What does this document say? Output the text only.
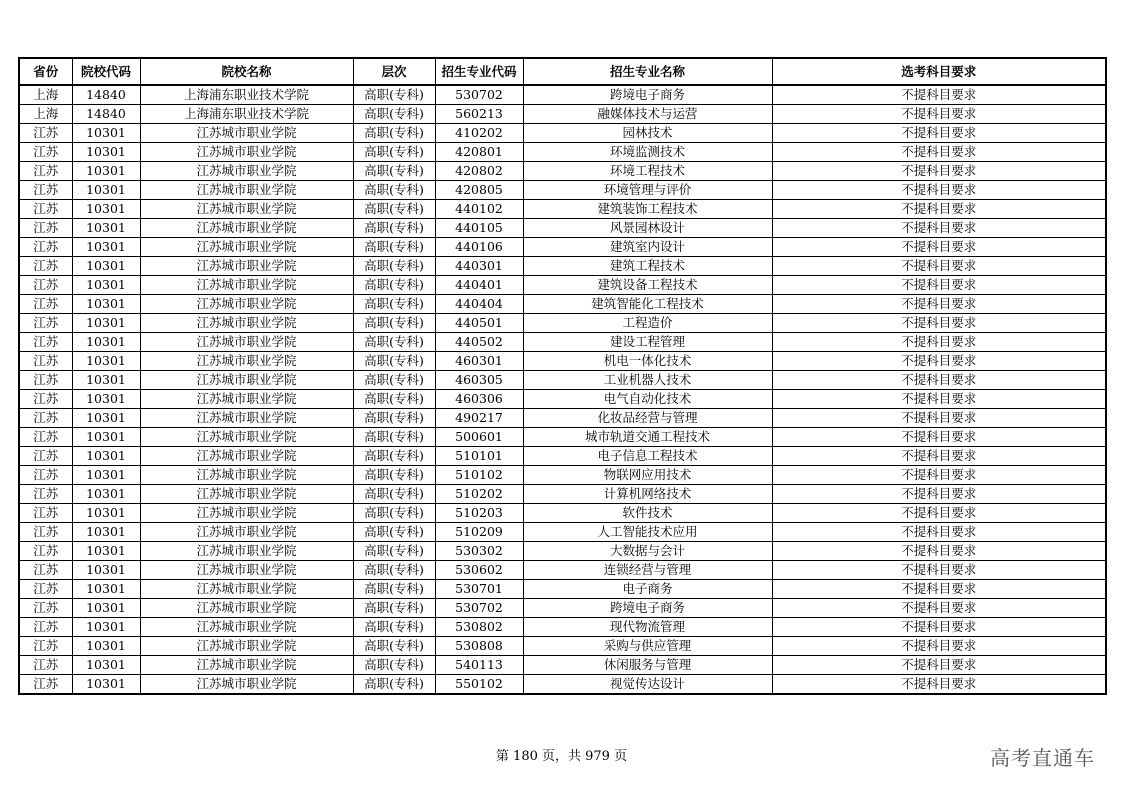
省份	院校代码	院校名称	层次	招生专业代码	招生专业名称	选考科目要求
上海	14840	上海浦东职业技术学院	高职(专科)	530702	跨境电子商务	不提科目要求
上海	14840	上海浦东职业技术学院	高职(专科)	560213	融媒体技术与运营	不提科目要求
江苏	10301	江苏城市职业学院	高职(专科)	410202	园林技术	不提科目要求
江苏	10301	江苏城市职业学院	高职(专科)	420801	环境监测技术	不提科目要求
江苏	10301	江苏城市职业学院	高职(专科)	420802	环境工程技术	不提科目要求
江苏	10301	江苏城市职业学院	高职(专科)	420805	环境管理与评价	不提科目要求
江苏	10301	江苏城市职业学院	高职(专科)	440102	建筑装饰工程技术	不提科目要求
江苏	10301	江苏城市职业学院	高职(专科)	440105	风景园林设计	不提科目要求
江苏	10301	江苏城市职业学院	高职(专科)	440106	建筑室内设计	不提科目要求
江苏	10301	江苏城市职业学院	高职(专科)	440301	建筑工程技术	不提科目要求
江苏	10301	江苏城市职业学院	高职(专科)	440401	建筑设备工程技术	不提科目要求
江苏	10301	江苏城市职业学院	高职(专科)	440404	建筑智能化工程技术	不提科目要求
江苏	10301	江苏城市职业学院	高职(专科)	440501	工程造价	不提科目要求
江苏	10301	江苏城市职业学院	高职(专科)	440502	建设工程管理	不提科目要求
江苏	10301	江苏城市职业学院	高职(专科)	460301	机电一体化技术	不提科目要求
江苏	10301	江苏城市职业学院	高职(专科)	460305	工业机器人技术	不提科目要求
江苏	10301	江苏城市职业学院	高职(专科)	460306	电气自动化技术	不提科目要求
江苏	10301	江苏城市职业学院	高职(专科)	490217	化妆品经营与管理	不提科目要求
江苏	10301	江苏城市职业学院	高职(专科)	500601	城市轨道交通工程技术	不提科目要求
江苏	10301	江苏城市职业学院	高职(专科)	510101	电子信息工程技术	不提科目要求
江苏	10301	江苏城市职业学院	高职(专科)	510102	物联网应用技术	不提科目要求
江苏	10301	江苏城市职业学院	高职(专科)	510202	计算机网络技术	不提科目要求
江苏	10301	江苏城市职业学院	高职(专科)	510203	软件技术	不提科目要求
江苏	10301	江苏城市职业学院	高职(专科)	510209	人工智能技术应用	不提科目要求
江苏	10301	江苏城市职业学院	高职(专科)	530302	大数据与会计	不提科目要求
江苏	10301	江苏城市职业学院	高职(专科)	530602	连锁经营与管理	不提科目要求
江苏	10301	江苏城市职业学院	高职(专科)	530701	电子商务	不提科目要求
江苏	10301	江苏城市职业学院	高职(专科)	530702	跨境电子商务	不提科目要求
江苏	10301	江苏城市职业学院	高职(专科)	530802	现代物流管理	不提科目要求
江苏	10301	江苏城市职业学院	高职(专科)	530808	采购与供应管理	不提科目要求
江苏	10301	江苏城市职业学院	高职(专科)	540113	休闲服务与管理	不提科目要求
江苏	10301	江苏城市职业学院	高职(专科)	550102	视觉传达设计	不提科目要求
第 180 页，共 979 页	高考直通车
